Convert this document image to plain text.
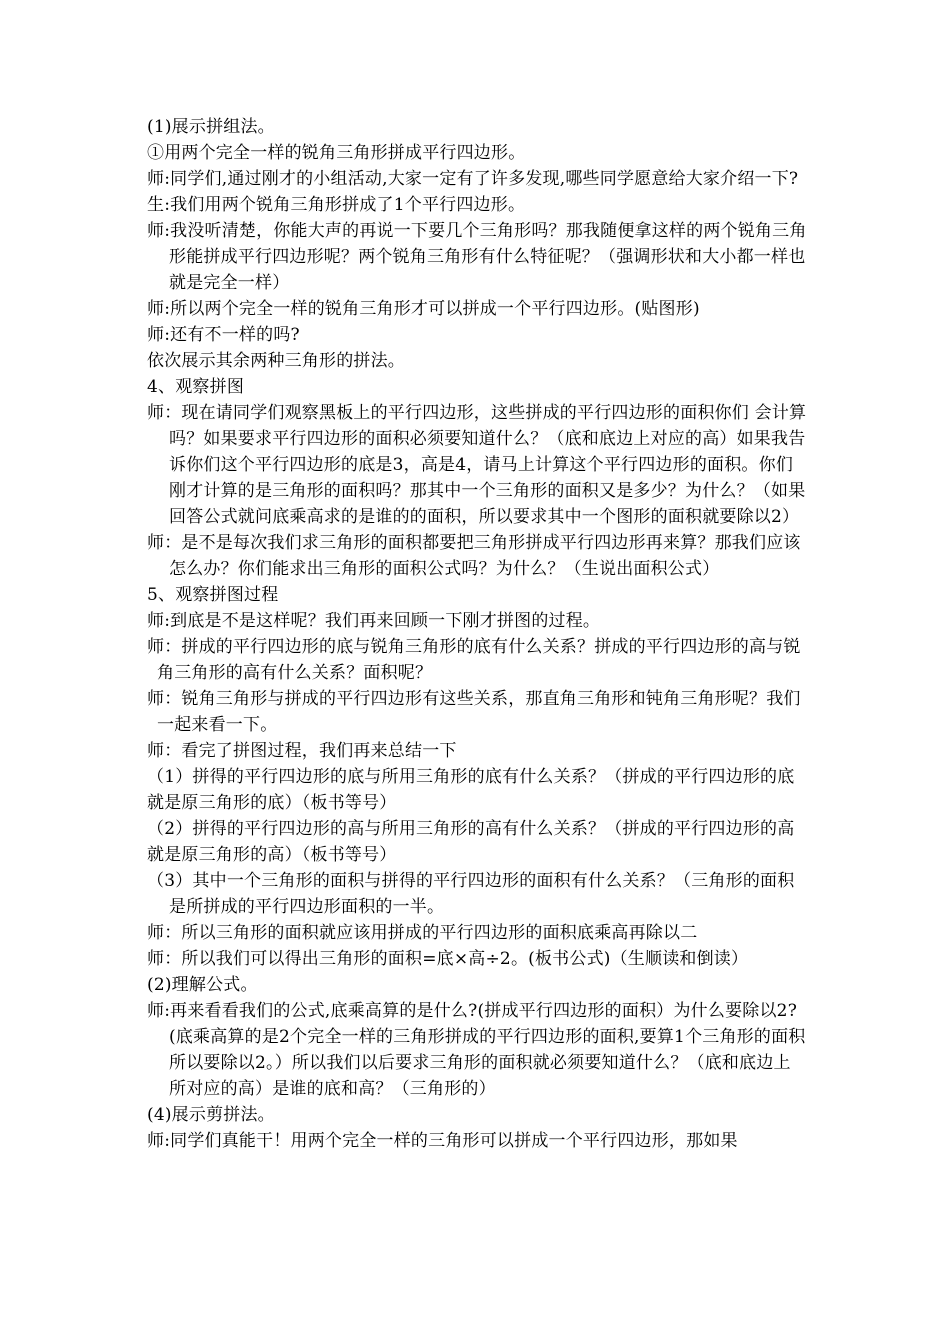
(1)展示拼组法。

①用两个完全一样的锐角三角形拼成平行四边形。

师:同学们,通过刚才的小组活动,大家一定有了许多发现,哪些同学愿意给大家介绍一下?

生:我们用两个锐角三角形拼成了1个平行四边形。

师:我没听清楚，你能大声的再说一下要几个三角形吗？那我随便拿这样的两个锐角三角形能拼成平行四边形呢？两个锐角三角形有什么特征呢？（强调形状和大小都一样也就是完全一样）

师:所以两个完全一样的锐角三角形才可以拼成一个平行四边形。(贴图形)

师:还有不一样的吗?

依次展示其余两种三角形的拼法。

4、观察拼图

师：现在请同学们观察黑板上的平行四边形，这些拼成的平行四边形的面积你们 会计算吗？如果要求平行四边形的面积必须要知道什么？（底和底边上对应的高）如果我告诉你们这个平行四边形的底是3，高是4，请马上计算这个平行四边形的面积。你们刚才计算的是三角形的面积吗？那其中一个三角形的面积又是多少？为什么？（如果回答公式就问底乘高求的是谁的的面积，所以要求其中一个图形的面积就要除以2）

师：是不是每次我们求三角形的面积都要把三角形拼成平行四边形再来算？那我们应该怎么办？你们能求出三角形的面积公式吗？为什么？（生说出面积公式）

5、观察拼图过程

师:到底是不是这样呢？我们再来回顾一下刚才拼图的过程。

师：拼成的平行四边形的底与锐角三角形的底有什么关系？拼成的平行四边形的高与锐角三角形的高有什么关系？面积呢？

师：锐角三角形与拼成的平行四边形有这些关系，那直角三角形和钝角三角形呢？我们一起来看一下。

师：看完了拼图过程，我们再来总结一下

（1）拼得的平行四边形的底与所用三角形的底有什么关系？（拼成的平行四边形的底就是原三角形的底）（板书等号）

（2）拼得的平行四边形的高与所用三角形的高有什么关系？（拼成的平行四边形的高就是原三角形的高）（板书等号）

（3）其中一个三角形的面积与拼得的平行四边形的面积有什么关系？（三角形的面积是所拼成的平行四边形面积的一半。

师：所以三角形的面积就应该用拼成的平行四边形的面积底乘高再除以二

师：所以我们可以得出三角形的面积=底×高÷2。(板书公式)（生顺读和倒读）

(2)理解公式。

师:再来看看我们的公式,底乘高算的是什么?(拼成平行四边形的面积）为什么要除以2?(底乘高算的是2个完全一样的三角形拼成的平行四边形的面积,要算1个三角形的面积所以要除以2。）所以我们以后要求三角形的面积就必须要知道什么？（底和底边上所对应的高）是谁的底和高？（三角形的）

(4)展示剪拼法。

师:同学们真能干！用两个完全一样的三角形可以拼成一个平行四边形，那如果
